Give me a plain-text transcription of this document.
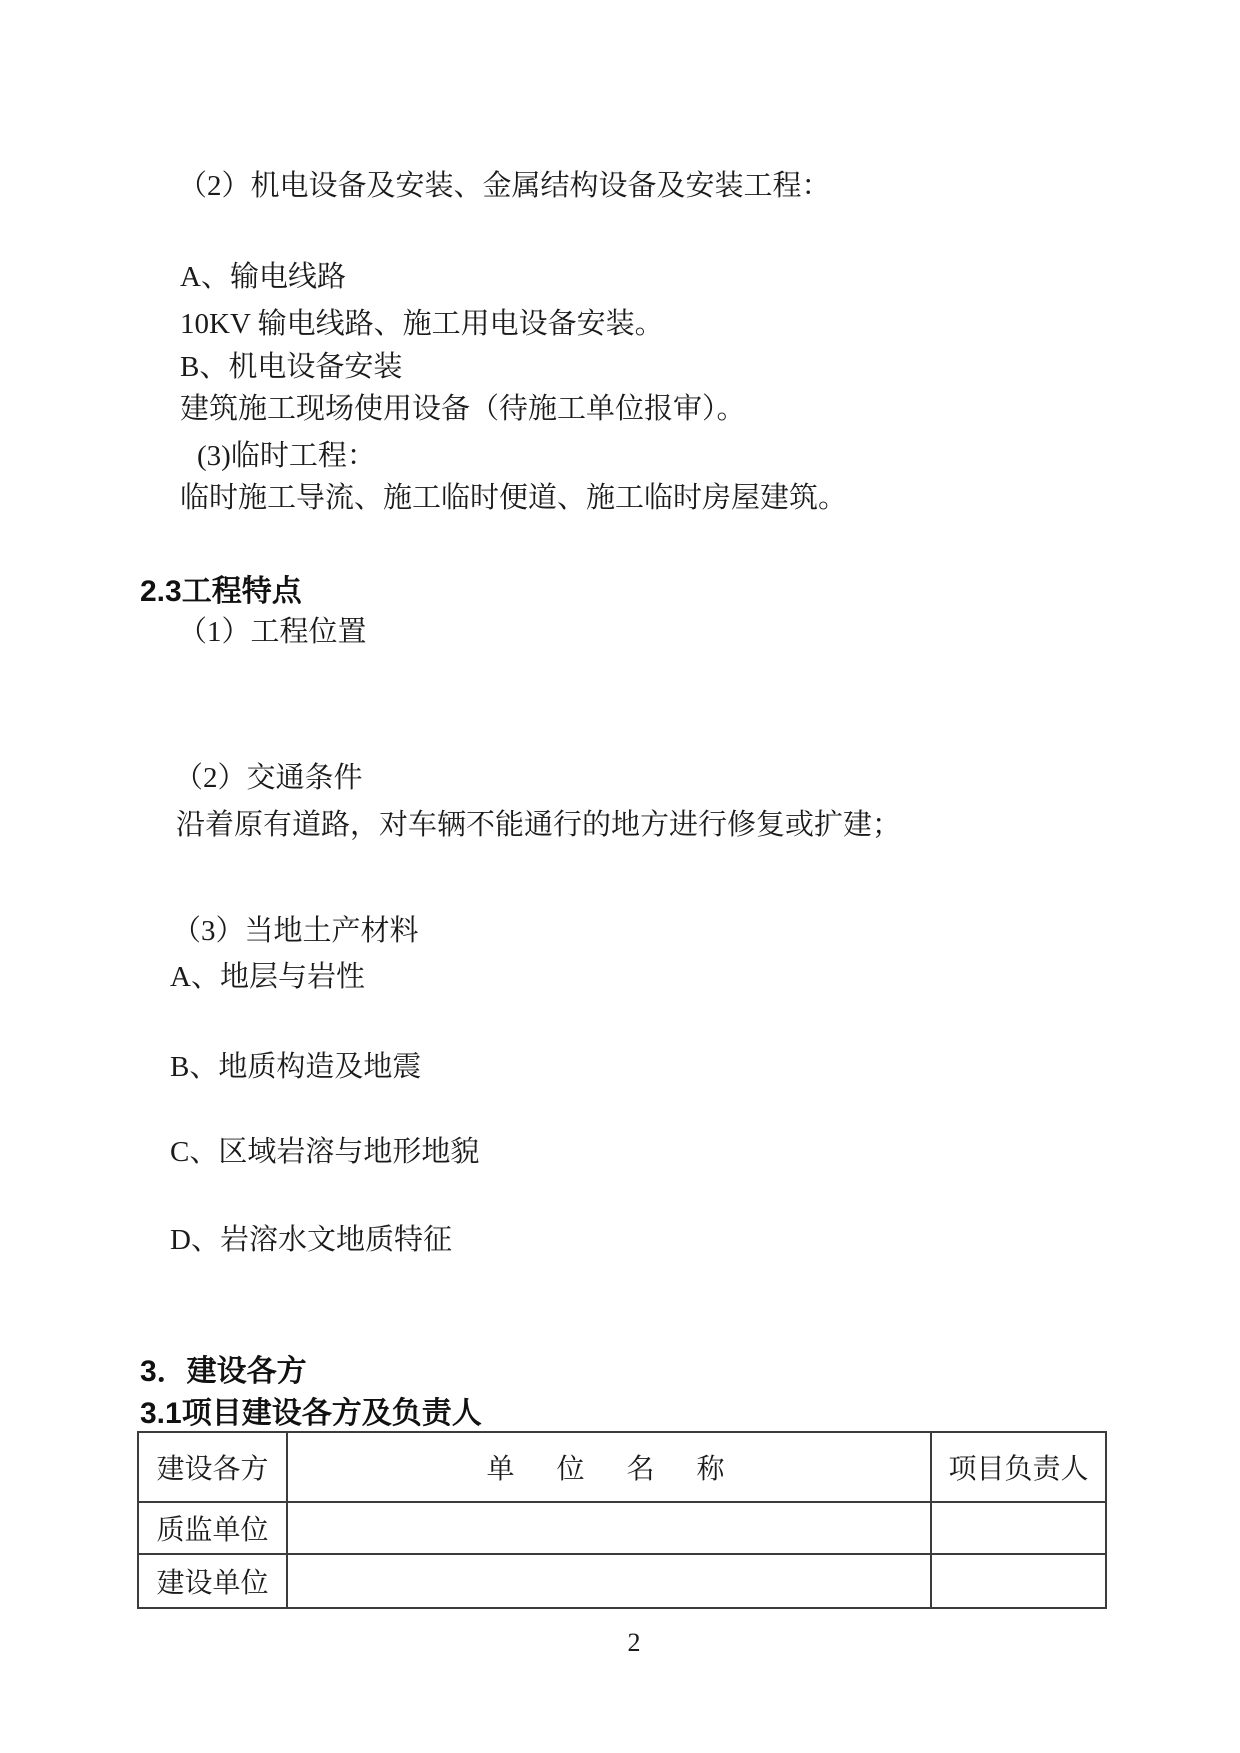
（2）机电设备及安装、金属结构设备及安装工程：
A、输电线路
10KV 输电线路、施工用电设备安装。
B、机电设备安装
建筑施工现场使用设备（待施工单位报审）。
(3)临时工程：
临时施工导流、施工临时便道、施工临时房屋建筑。
2.3工程特点
（1）工程位置
（2）交通条件
沿着原有道路，对车辆不能通行的地方进行修复或扩建；
（3）当地土产材料
A、地层与岩性
B、地质构造及地震
C、区域岩溶与地形地貌
D、岩溶水文地质特征
3．建设各方
3.1项目建设各方及负责人
建设各方	单　位　名　称	项目负责人
质监单位		
建设单位		
2
